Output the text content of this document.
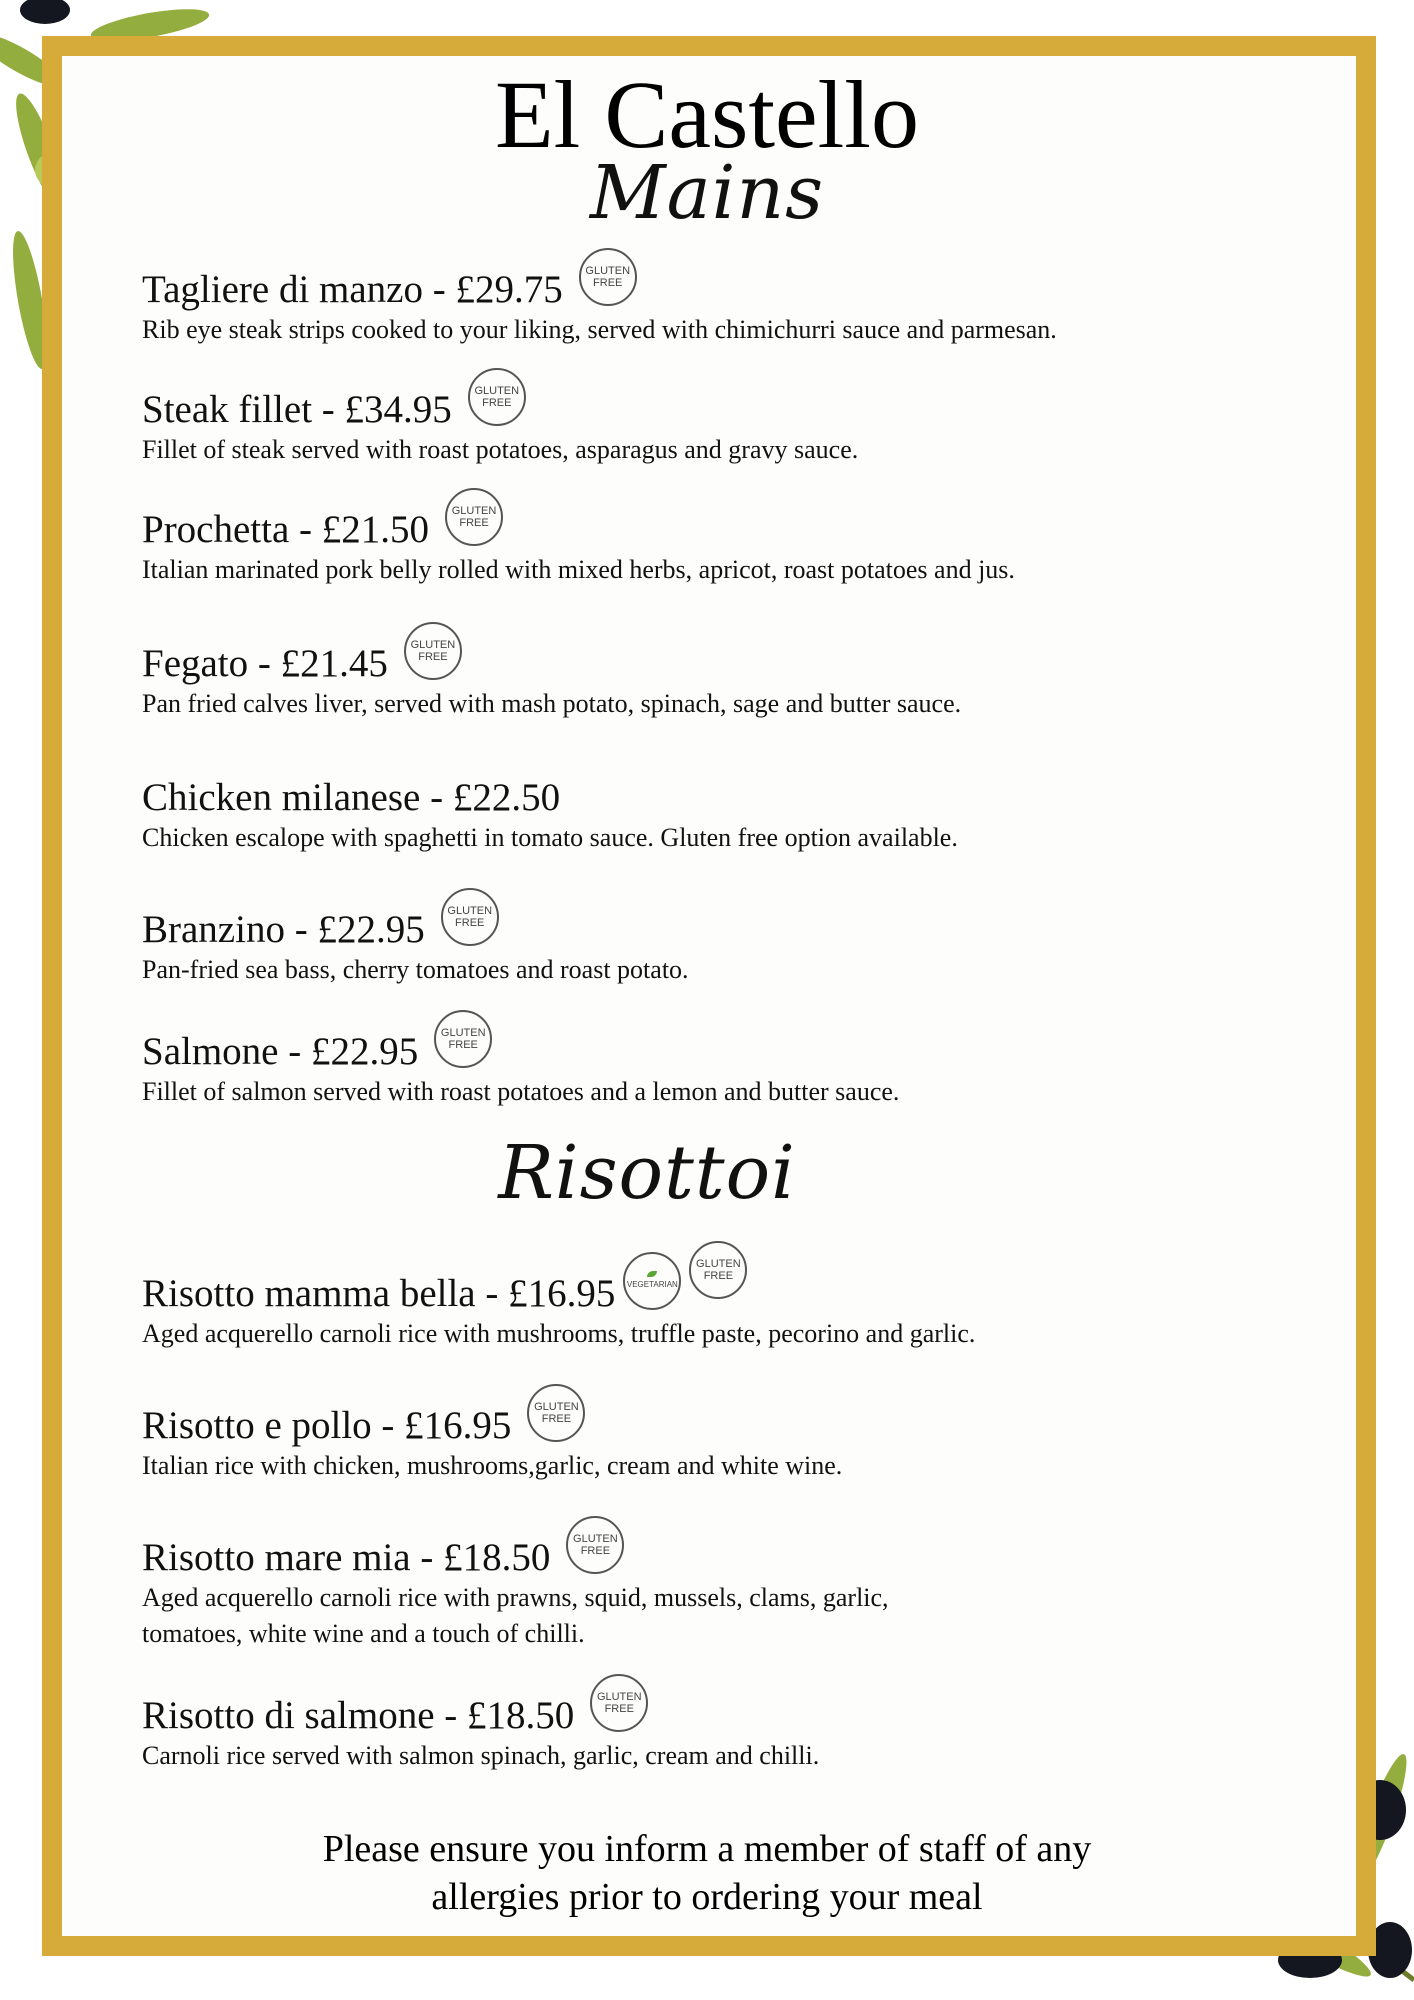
El Castello
Mains
Tagliere di manzo - £29.75 GLUTEN
FREE
Rib eye steak strips cooked to your liking, served with chimichurri sauce and parmesan.
Steak fillet - £34.95 GLUTEN
FREE
Fillet of steak served with roast potatoes, asparagus and gravy sauce.
Prochetta - £21.50 GLUTEN
FREE
Italian marinated pork belly rolled with mixed herbs, apricot, roast potatoes and jus.
Fegato - £21.45 GLUTEN
FREE
Pan fried calves liver, served with mash potato, spinach, sage and butter sauce.
Chicken milanese - £22.50
Chicken escalope with spaghetti in tomato sauce. Gluten free option available.
Branzino - £22.95 GLUTEN
FREE
Pan-fried sea bass, cherry tomatoes and roast potato.
Salmone - £22.95 GLUTEN
FREE
Fillet of salmon served with roast potatoes and a lemon and butter sauce.
Risottoi
Risotto mamma bella - £16.95 VEGETARIAN
GLUTEN
FREE
Aged acquerello carnoli rice with mushrooms, truffle paste, pecorino and garlic.
Risotto e pollo - £16.95 GLUTEN
FREE
Italian rice with chicken, mushrooms,garlic, cream and white wine.
Risotto mare mia - £18.50 GLUTEN
FREE
Aged acquerello carnoli rice with prawns, squid, mussels, clams, garlic,
tomatoes, white wine and a touch of chilli.
Risotto di salmone - £18.50 GLUTEN
FREE
Carnoli rice served with salmon spinach, garlic, cream and chilli.
Please ensure you inform a member of staff of any
allergies prior to ordering your meal
